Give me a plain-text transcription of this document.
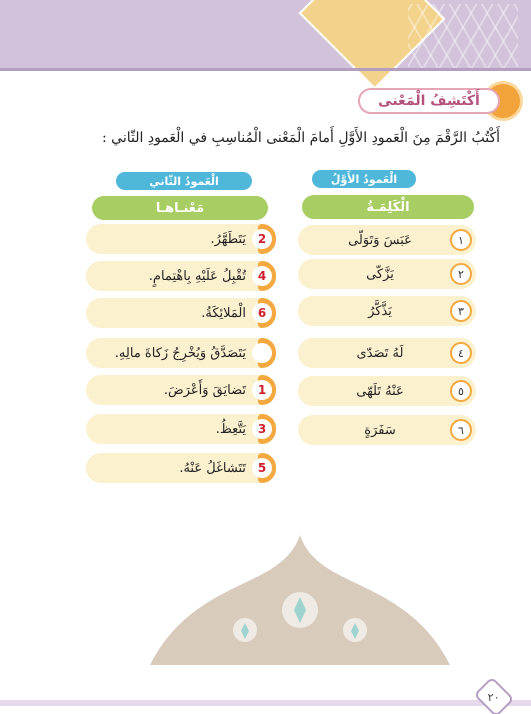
أَكْتَشِفُ الْمَعْنى
أَكْتُبُ الرَّقْمَ مِنَ الْعَمودِ الأَوَّلِ أَمامَ الْمَعْنى الْمُناسِبِ في الْعَمودِ الثّاني :
الْعَمودُ الأَوَّلُ
الْكَلِمَـةُ
الْعَمودُ الثّاني
مَعْنـاهـا
١
عَبَسَ وَتَوَلّى
٢
يَزَّكّى
٣
يَذَّكَّرُ
٤
لَهُ تَصَدّى
٥
عَنْهُ تَلَهّى
٦
سَفَرَةٍ
2
يَتَطَهَّرُ.
4
تُقْبِلُ عَلَيْهِ بِاهْتِمامٍ.
6
الْمَلائِكَةُ.
يَتَصَدَّقُ وَيُخْرِجُ زَكاةَ مالِهِ.
1
تَضايَقَ وَأَعْرَضَ.
3
يَتَّعِظُ.
5
تَتَشاغَلُ عَنْهُ.
٢٠
